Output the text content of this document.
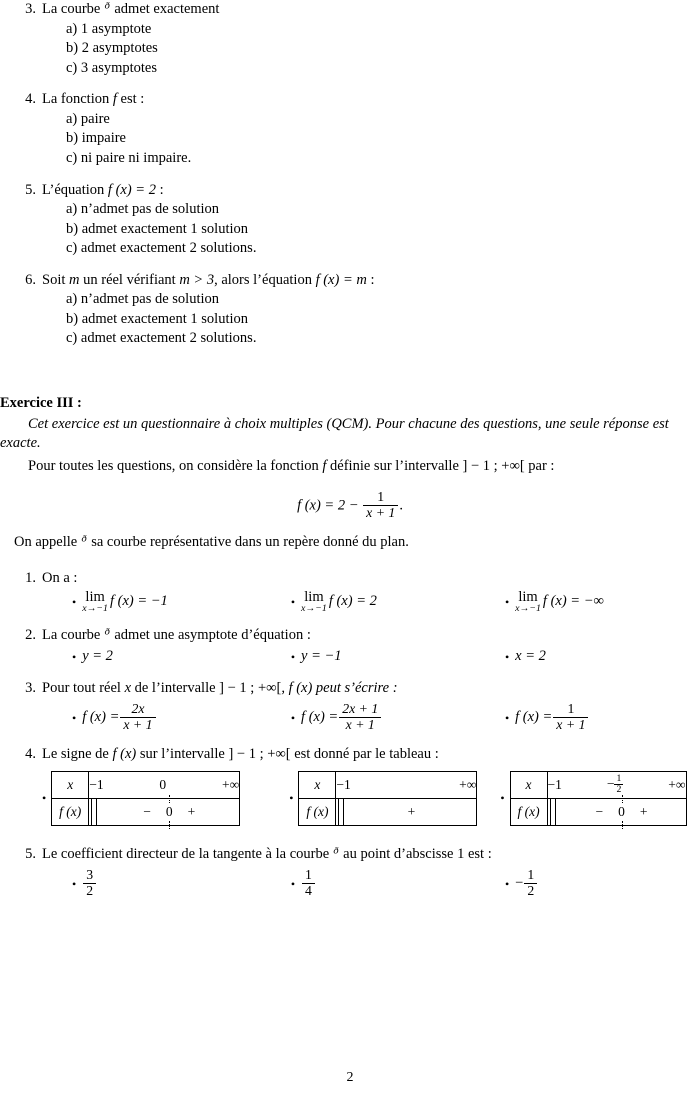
3. La courbe ᶞ admet exactement
a) 1 asymptote
b) 2 asymptotes
c) 3 asymptotes
4. La fonction f est :
a) paire
b) impaire
c) ni paire ni impaire.
5. L’équation f (x) = 2 :
a) n’admet pas de solution
b) admet exactement 1 solution
c) admet exactement 2 solutions.
6. Soit m un réel vérifiant m > 3, alors l’équation f (x) = m :
a) n’admet pas de solution
b) admet exactement 1 solution
c) admet exactement 2 solutions.
Exercice III :

Cet exercice est un questionnaire à choix multiples (QCM). Pour chacune des questions, une seule réponse est exacte.

Pour toutes les questions, on considère la fonction f définie sur l’intervalle ] − 1 ; +∞[ par :

f $(x) = 2 - \frac{1}{x + 1}$ .

On appelle ᶞ sa courbe représentative dans un repère donné du plan.

1. On a :
• lim
x→−1 f (x) = −1	• lim
x→−1 f (x) = 2	• lim
x→−1 f (x) = −∞
2. La courbe ᶞ admet une asymptote d’équation :
• y = 2	• y = −1	• x = 2
3. Pour tout réel x de l’intervalle ] − 1 ; +∞[, f (x) peut s’écrire :
• f $(x) = \frac{2x}{x + 1}$	• f $(x) = \frac{2x + 1}{x + 1}$	• f $(x) = \frac{1}{x + 1}$
4. Le signe de f (x) sur l’intervalle ] − 1 ; +∞[ est donné par le tableau :
•
x	−1 0 +∞

f (x)	− 0 +
•
x	−1 +∞

f (x)	+
•
x	$-1 - \frac{1}{2}$ +∞

f (x)	− 0 +
5. Le coefficient directeur de la tangente à la courbe ᶞ au point d’abscisse 1 est :
• $\frac{3}{2}$	• $\frac{1}{4}$	• − $\frac{1}{2}$
2
